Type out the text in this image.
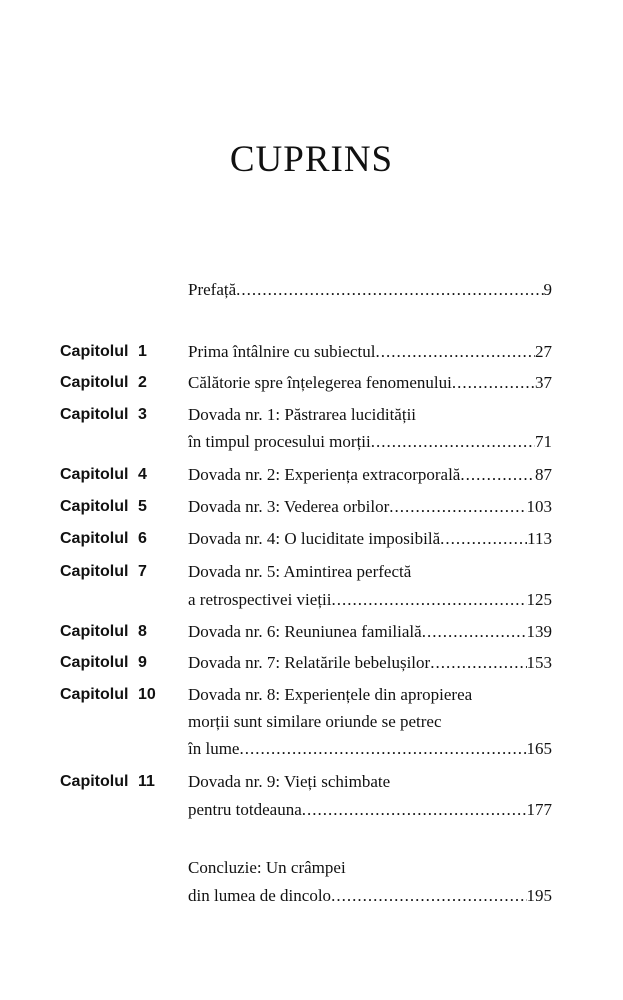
CUPRINS
Prefață .....	9
Capitolul 1 Prima întâlnire cu subiectul .....	27
Capitolul 2 Călătorie spre înțelegerea fenomenului .....	37
Capitolul 3 Dovada nr. 1: Păstrarea lucidității
în timpul procesului morții .....	71
Capitolul 4 Dovada nr. 2: Experiența extracorporală .....	87
Capitolul 5 Dovada nr. 3: Vederea orbilor .....	103
Capitolul 6 Dovada nr. 4: O luciditate imposibilă .....	113
Capitolul 7 Dovada nr. 5: Amintirea perfectă
a retrospectivei vieții .....	125
Capitolul 8 Dovada nr. 6: Reuniunea familială .....	139
Capitolul 9 Dovada nr. 7: Relatările bebelușilor .....	153
Capitolul 10 Dovada nr. 8: Experiențele din apropierea
morții sunt similare oriunde se petrec
în lume .....	165
Capitolul 11 Dovada nr. 9: Vieți schimbate
pentru totdeauna .....	177
Concluzie: Un crâmpei
din lumea de dincolo .....	195
